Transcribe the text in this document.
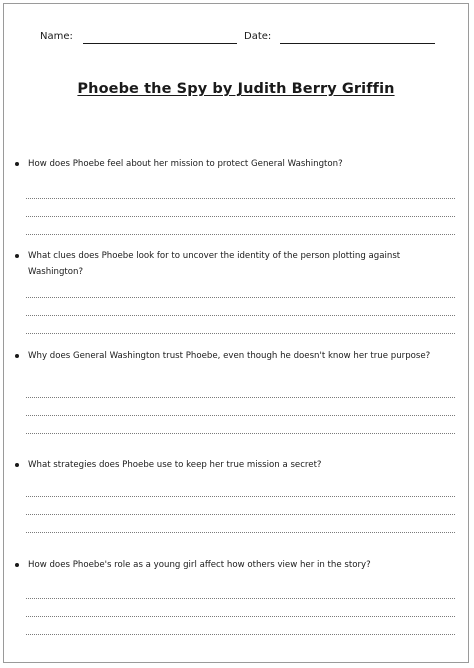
Name:	Date:
Phoebe the Spy by Judith Berry Griffin
How does Phoebe feel about her mission to protect General Washington?
What clues does Phoebe look for to uncover the identity of the person plotting against Washington?
Why does General Washington trust Phoebe, even though he doesn't know her true purpose?
What strategies does Phoebe use to keep her true mission a secret?
How does Phoebe's role as a young girl affect how others view her in the story?
